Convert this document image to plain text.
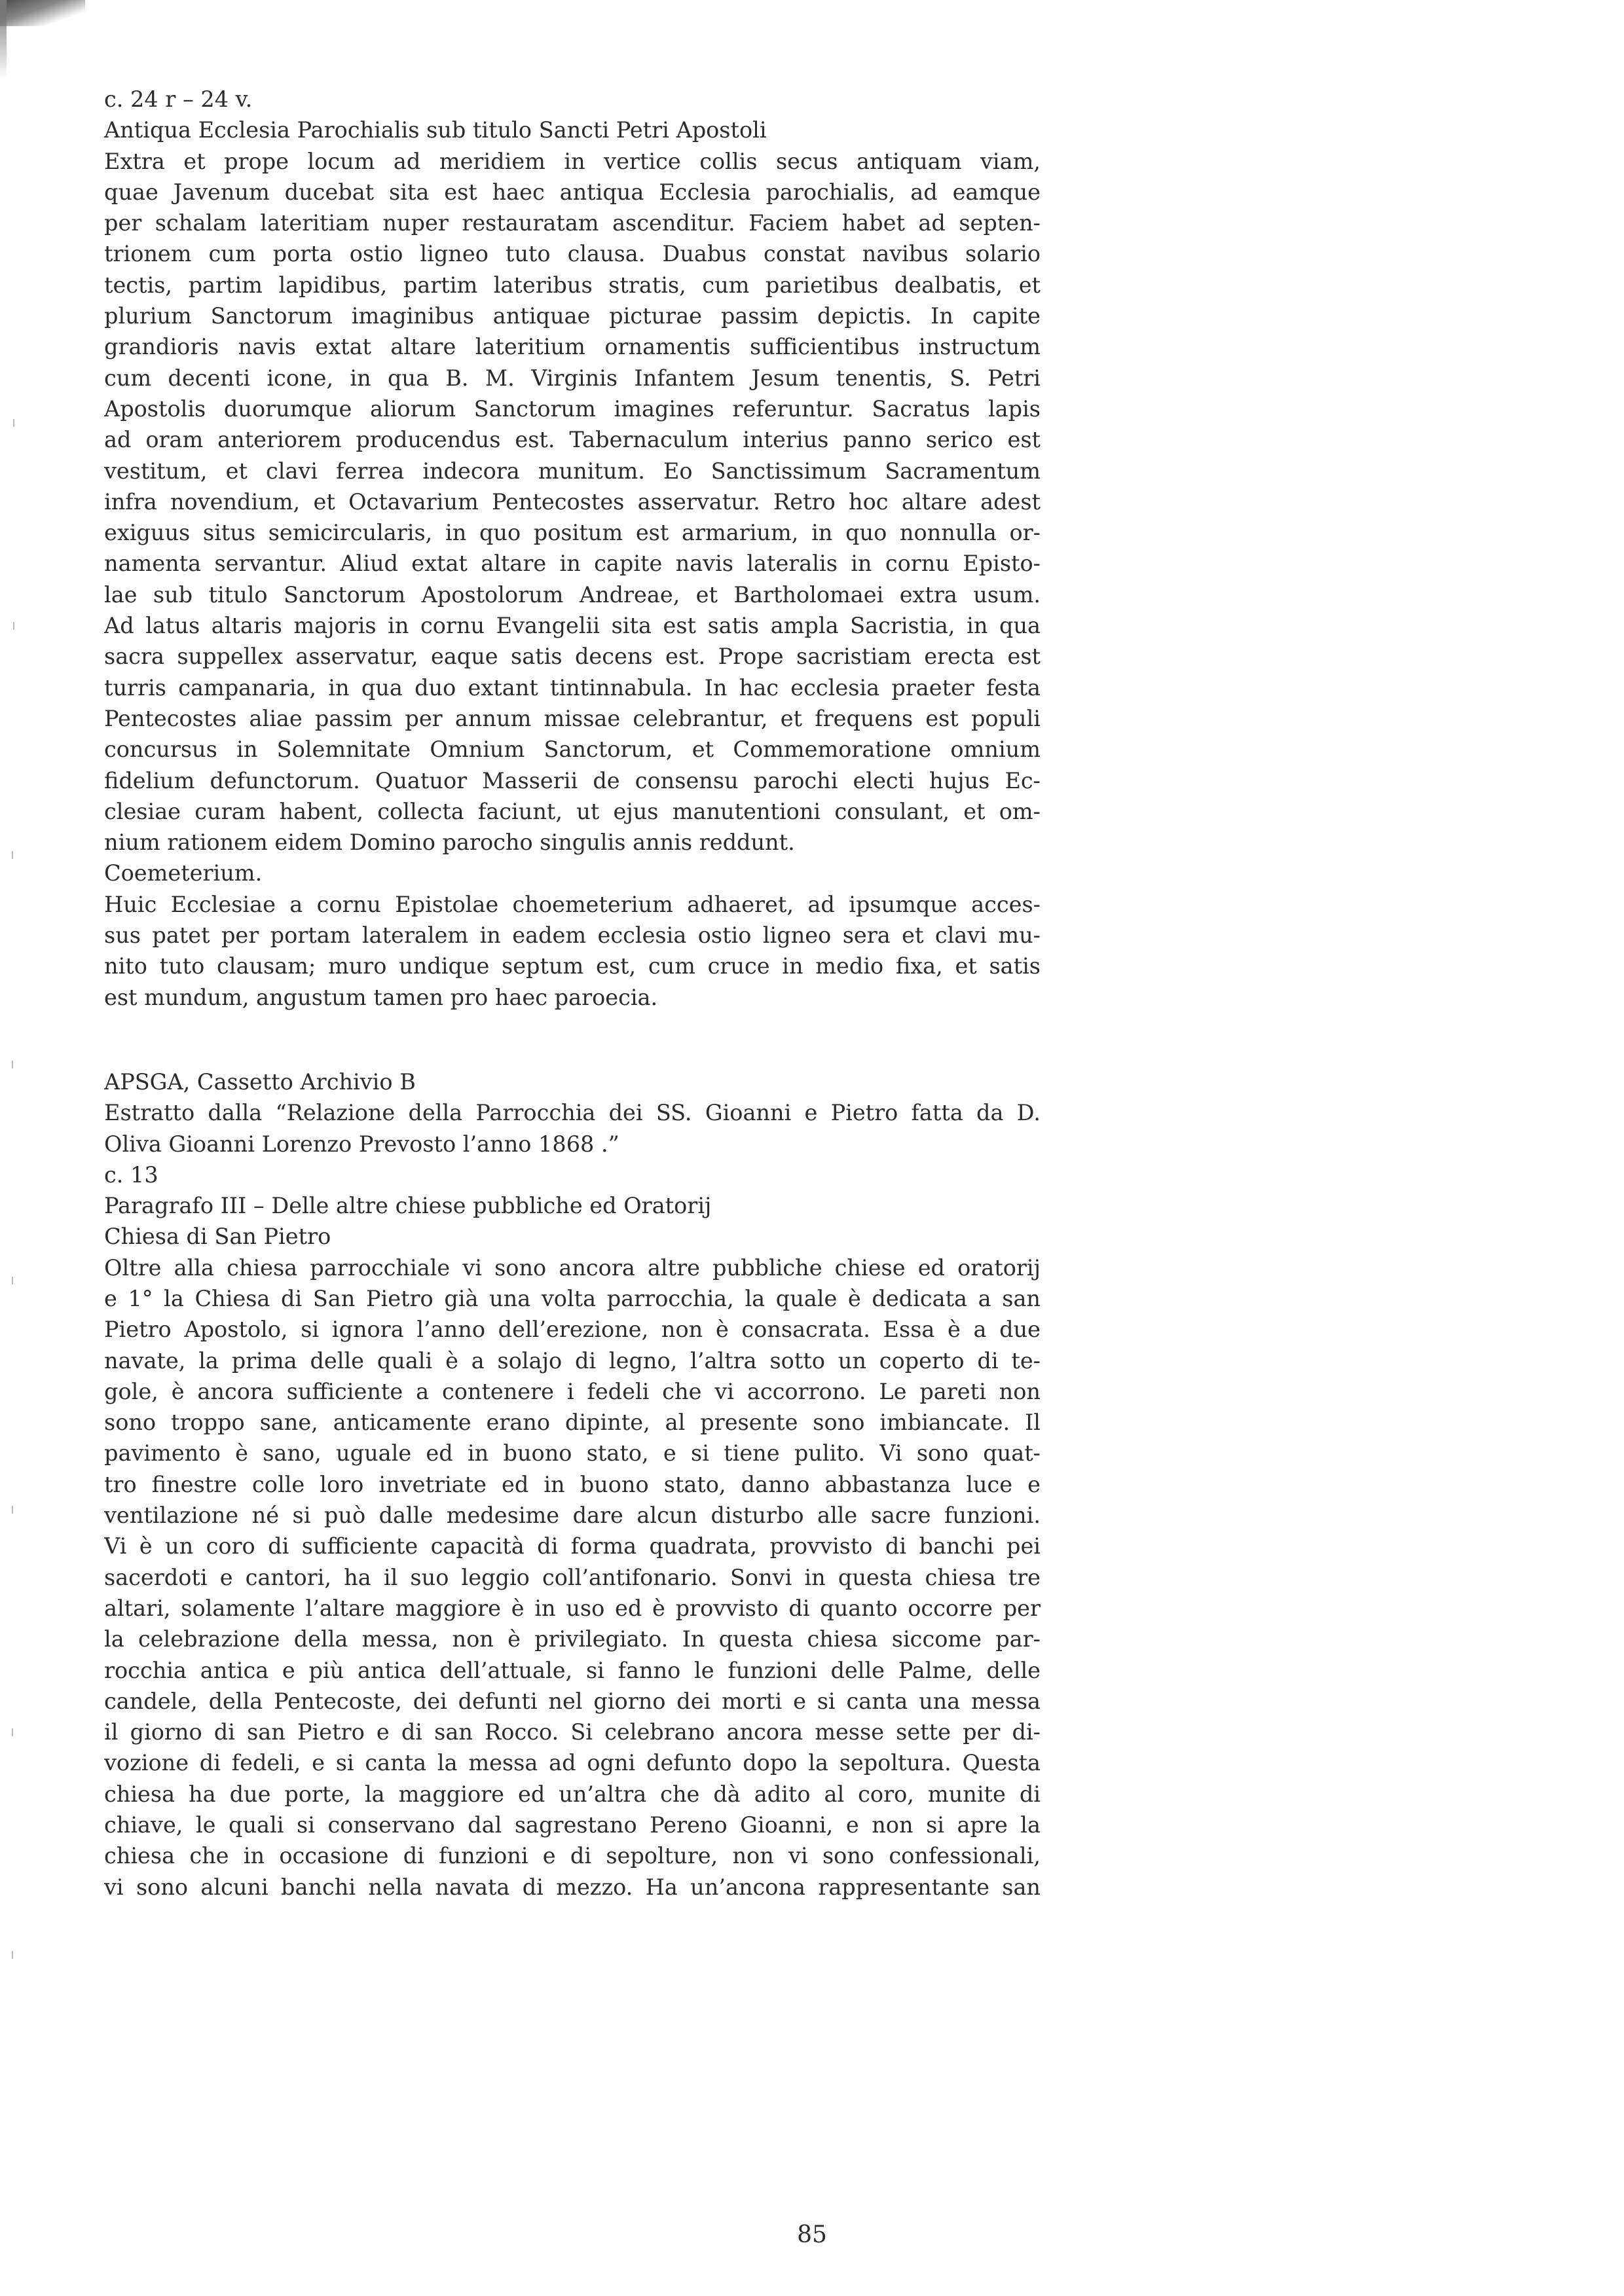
c. 24 r – 24 v.
Antiqua Ecclesia Parochialis sub titulo Sancti Petri Apostoli
Extra et prope locum ad meridiem in vertice collis secus antiquam viam,
quae Javenum ducebat sita est haec antiqua Ecclesia parochialis, ad eamque
per schalam lateritiam nuper restauratam ascenditur. Faciem habet ad septen-
trionem cum porta ostio ligneo tuto clausa. Duabus constat navibus solario
tectis, partim lapidibus, partim lateribus stratis, cum parietibus dealbatis, et
plurium Sanctorum imaginibus antiquae picturae passim depictis. In capite
grandioris navis extat altare lateritium ornamentis sufficientibus instructum
cum decenti icone, in qua B. M. Virginis Infantem Jesum tenentis, S. Petri
Apostolis duorumque aliorum Sanctorum imagines referuntur. Sacratus lapis
ad oram anteriorem producendus est. Tabernaculum interius panno serico est
vestitum, et clavi ferrea indecora munitum. Eo Sanctissimum Sacramentum
infra novendium, et Octavarium Pentecostes asservatur. Retro hoc altare adest
exiguus situs semicircularis, in quo positum est armarium, in quo nonnulla or-
namenta servantur. Aliud extat altare in capite navis lateralis in cornu Episto-
lae sub titulo Sanctorum Apostolorum Andreae, et Bartholomaei extra usum.
Ad latus altaris majoris in cornu Evangelii sita est satis ampla Sacristia, in qua
sacra suppellex asservatur, eaque satis decens est. Prope sacristiam erecta est
turris campanaria, in qua duo extant tintinnabula. In hac ecclesia praeter festa
Pentecostes aliae passim per annum missae celebrantur, et frequens est populi
concursus in Solemnitate Omnium Sanctorum, et Commemoratione omnium
fidelium defunctorum. Quatuor Masserii de consensu parochi electi hujus Ec-
clesiae curam habent, collecta faciunt, ut ejus manutentioni consulant, et om-
nium rationem eidem Domino parocho singulis annis reddunt.
Coemeterium.
Huic Ecclesiae a cornu Epistolae choemeterium adhaeret, ad ipsumque acces-
sus patet per portam lateralem in eadem ecclesia ostio ligneo sera et clavi mu-
nito tuto clausam; muro undique septum est, cum cruce in medio fixa, et satis
est mundum, angustum tamen pro haec paroecia.
APSGA, Cassetto Archivio B
Estratto dalla “Relazione della Parrocchia dei SS. Gioanni e Pietro fatta da D.
Oliva Gioanni Lorenzo Prevosto l’anno 1868 .”
c. 13
Paragrafo III – Delle altre chiese pubbliche ed Oratorij
Chiesa di San Pietro
Oltre alla chiesa parrocchiale vi sono ancora altre pubbliche chiese ed oratorij
e 1° la Chiesa di San Pietro già una volta parrocchia, la quale è dedicata a san
Pietro Apostolo, si ignora l’anno dell’erezione, non è consacrata. Essa è a due
navate, la prima delle quali è a solajo di legno, l’altra sotto un coperto di te-
gole, è ancora sufficiente a contenere i fedeli che vi accorrono. Le pareti non
sono troppo sane, anticamente erano dipinte, al presente sono imbiancate. Il
pavimento è sano, uguale ed in buono stato, e si tiene pulito. Vi sono quat-
tro finestre colle loro invetriate ed in buono stato, danno abbastanza luce e
ventilazione né si può dalle medesime dare alcun disturbo alle sacre funzioni.
Vi è un coro di sufficiente capacità di forma quadrata, provvisto di banchi pei
sacerdoti e cantori, ha il suo leggio coll’antifonario. Sonvi in questa chiesa tre
altari, solamente l’altare maggiore è in uso ed è provvisto di quanto occorre per
la celebrazione della messa, non è privilegiato. In questa chiesa siccome par-
rocchia antica e più antica dell’attuale, si fanno le funzioni delle Palme, delle
candele, della Pentecoste, dei defunti nel giorno dei morti e si canta una messa
il giorno di san Pietro e di san Rocco. Si celebrano ancora messe sette per di-
vozione di fedeli, e si canta la messa ad ogni defunto dopo la sepoltura. Questa
chiesa ha due porte, la maggiore ed un’altra che dà adito al coro, munite di
chiave, le quali si conservano dal sagrestano Pereno Gioanni, e non si apre la
chiesa che in occasione di funzioni e di sepolture, non vi sono confessionali,
vi sono alcuni banchi nella navata di mezzo. Ha un’ancona rappresentante san
85
